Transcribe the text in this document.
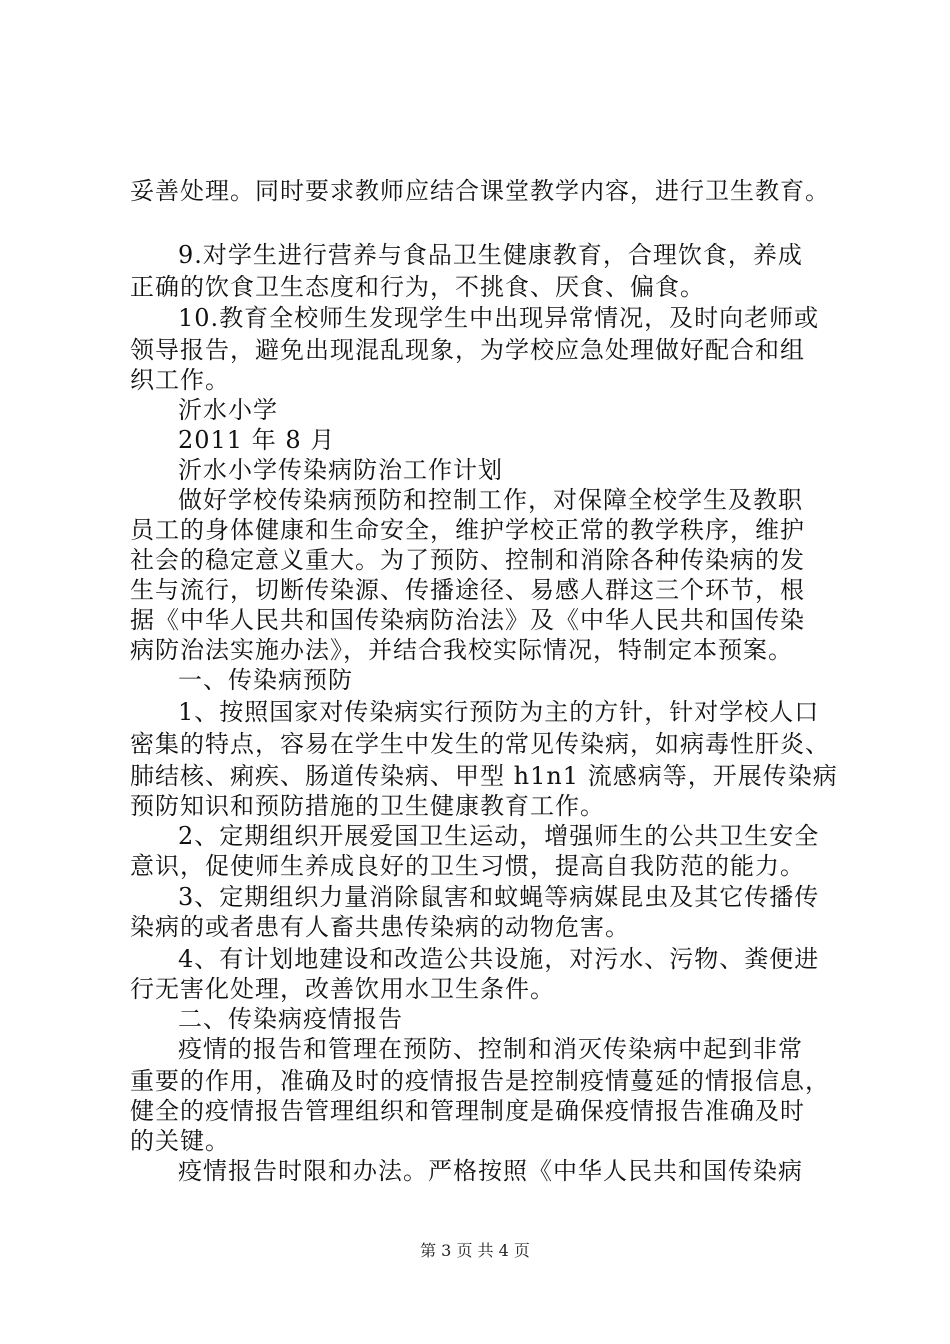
妥善处理。同时要求教师应结合课堂教学内容，进行卫生教育。
9.对学生进行营养与食品卫生健康教育，合理饮食，养成
正确的饮食卫生态度和行为，不挑食、厌食、偏食。
10.教育全校师生发现学生中出现异常情况，及时向老师或
领导报告，避免出现混乱现象，为学校应急处理做好配合和组
织工作。
沂水小学
2011 年 8 月
沂水小学传染病防治工作计划
做好学校传染病预防和控制工作，对保障全校学生及教职
员工的身体健康和生命安全，维护学校正常的教学秩序，维护
社会的稳定意义重大。为了预防、控制和消除各种传染病的发
生与流行，切断传染源、传播途径、易感人群这三个环节，根
据《中华人民共和国传染病防治法》及《中华人民共和国传染
病防治法实施办法》，并结合我校实际情况，特制定本预案。
一、传染病预防
1、按照国家对传染病实行预防为主的方针，针对学校人口
密集的特点，容易在学生中发生的常见传染病，如病毒性肝炎、
肺结核、痢疾、肠道传染病、甲型 h1n1 流感病等，开展传染病
预防知识和预防措施的卫生健康教育工作。
2、定期组织开展爱国卫生运动，增强师生的公共卫生安全
意识，促使师生养成良好的卫生习惯，提高自我防范的能力。
3、定期组织力量消除鼠害和蚊蝇等病媒昆虫及其它传播传
染病的或者患有人畜共患传染病的动物危害。
4、有计划地建设和改造公共设施，对污水、污物、粪便进
行无害化处理，改善饮用水卫生条件。
二、传染病疫情报告
疫情的报告和管理在预防、控制和消灭传染病中起到非常
重要的作用，准确及时的疫情报告是控制疫情蔓延的情报信息，
健全的疫情报告管理组织和管理制度是确保疫情报告准确及时
的关键。
疫情报告时限和办法。严格按照《中华人民共和国传染病
第 3 页 共 4 页
